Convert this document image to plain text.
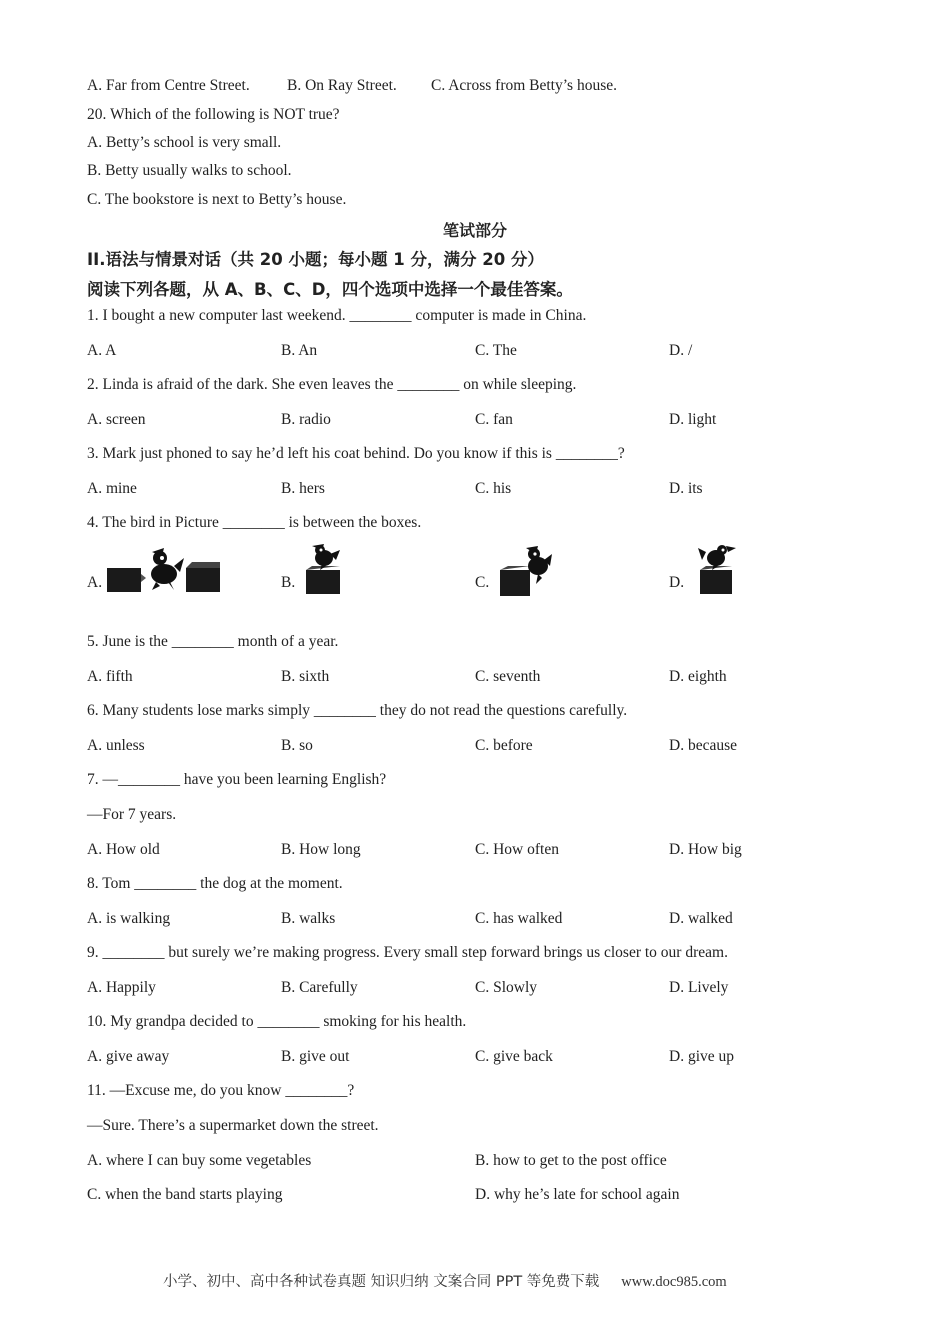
A. Far from Centre Street. B. On Ray Street. C. Across from Betty’s house.
20. Which of the following is NOT true?
A. Betty’s school is very small.
B. Betty usually walks to school.
C. The bookstore is next to Betty’s house.
笔试部分
II.语法与情景对话（共 20 小题；每小题 1 分，满分 20 分）
阅读下列各题，从 A、B、C、D，四个选项中选择一个最佳答案。
1. I bought a new computer last weekend. ________ computer is made in China.
A. A	B. An	C. The	D. /
2. Linda is afraid of the dark. She even leaves the ________ on while sleeping.
A. screen	B. radio	C. fan	D. light
3. Mark just phoned to say he’d left his coat behind. Do you know if this is ________?
A. mine	B. hers	C. his	D. its
4. The bird in Picture ________ is between the boxes.
A.	B.	C.	D.
5. June is the ________ month of a year.
A. fifth	B. sixth	C. seventh	D. eighth
6. Many students lose marks simply ________ they do not read the questions carefully.
A. unless	B. so	C. before	D. because
7. —________ have you been learning English?
—For 7 years.
A. How old	B. How long	C. How often	D. How big
8. Tom ________ the dog at the moment.
A. is walking	B. walks	C. has walked	D. walked
9. ________ but surely we’re making progress. Every small step forward brings us closer to our dream.
A. Happily	B. Carefully	C. Slowly	D. Lively
10. My grandpa decided to ________ smoking for his health.
A. give away	B. give out	C. give back	D. give up
11. —Excuse me, do you know ________?
—Sure. There’s a supermarket down the street.
A. where I can buy some vegetables	B. how to get to the post office
C. when the band starts playing	D. why he’s late for school again
小学、初中、高中各种试卷真题 知识归纳 文案合同 PPT 等免费下载 www.doc985.com
